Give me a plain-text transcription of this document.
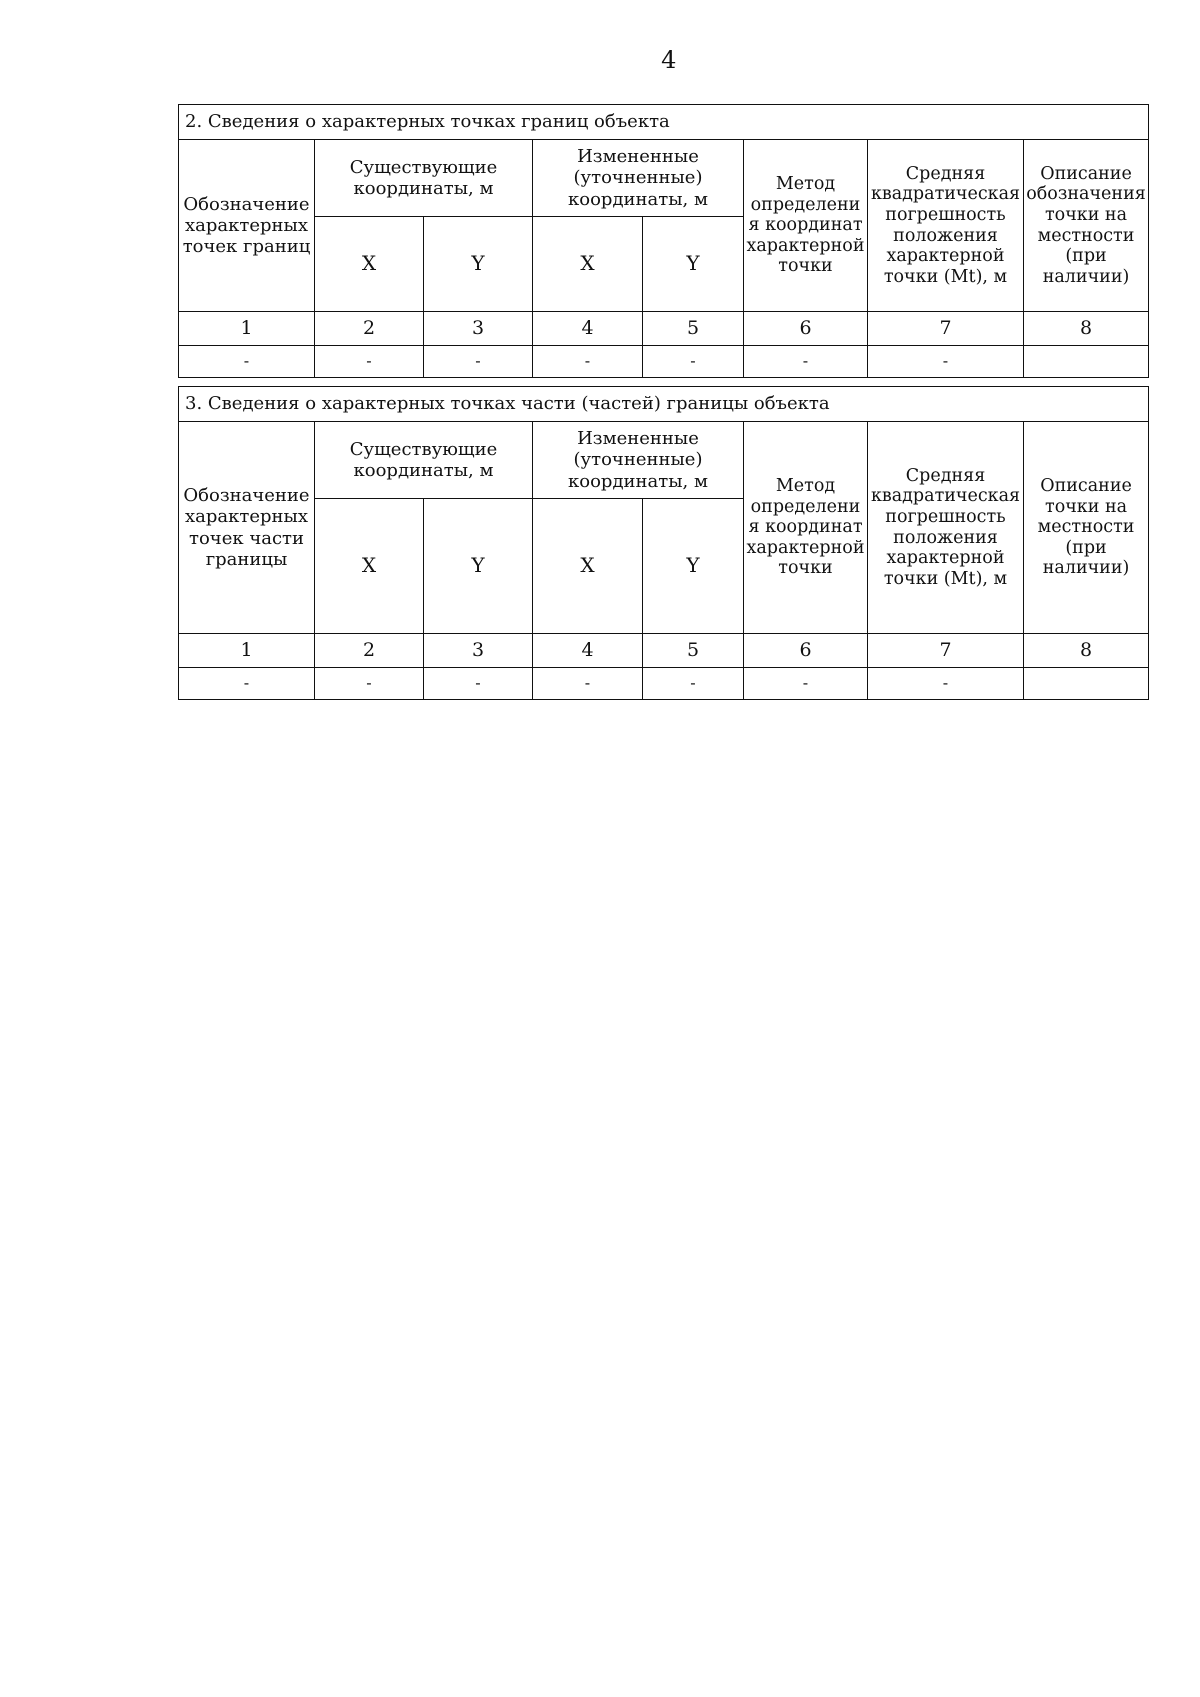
4
2. Сведения о характерных точках границ объекта							
Обозначение характерных точек границ	Существующие координаты, м		Измененные (уточненные) координаты, м		Метод определения координат характерной точки	Средняя квадратическая погрешность положения характерной точки (Mt), м	Описание обозначения точки на местности (при наличии)
	X	Y	X	Y			
1	2	3	4	5	6	7	8
-	-	-	-	-	-	-	
3. Сведения о характерных точках части (частей) границы объекта							
Обозначение характерных точек части границы	Существующие координаты, м		Измененные (уточненные) координаты, м		Метод определения координат характерной точки	Средняя квадратическая погрешность положения характерной точки (Mt), м	Описание точки на местности (при наличии)
	X	Y	X	Y			
1	2	3	4	5	6	7	8
-	-	-	-	-	-	-	
